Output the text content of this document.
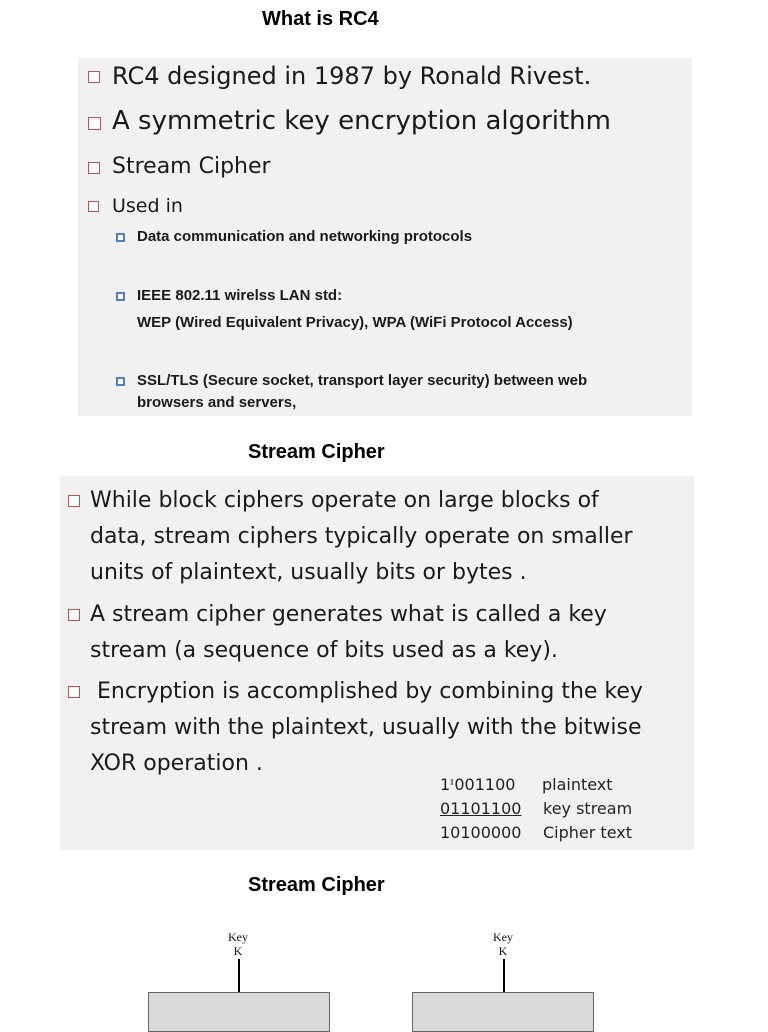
What is RC4
RC4 designed in 1987 by Ronald Rivest.
A symmetric key encryption algorithm
Stream Cipher
Used in
Data communication and networking protocols
IEEE 802.11 wirelss LAN std:
WEP (Wired Equivalent Privacy), WPA (WiFi Protocol Access)
SSL/TLS (Secure socket, transport layer security) between web
browsers and servers,
Stream Cipher
While block ciphers operate on large blocks of
data, stream ciphers typically operate on smaller
units of plaintext, usually bits or bytes .
A stream cipher generates what is called a key
stream (a sequence of bits used as a key).
Encryption is accomplished by combining the key
stream with the plaintext, usually with the bitwise
XOR operation .
1ᶦ001100 plaintext
01101100 key stream
10100000 Cipher text
Stream Cipher
Key
K
Key
K
